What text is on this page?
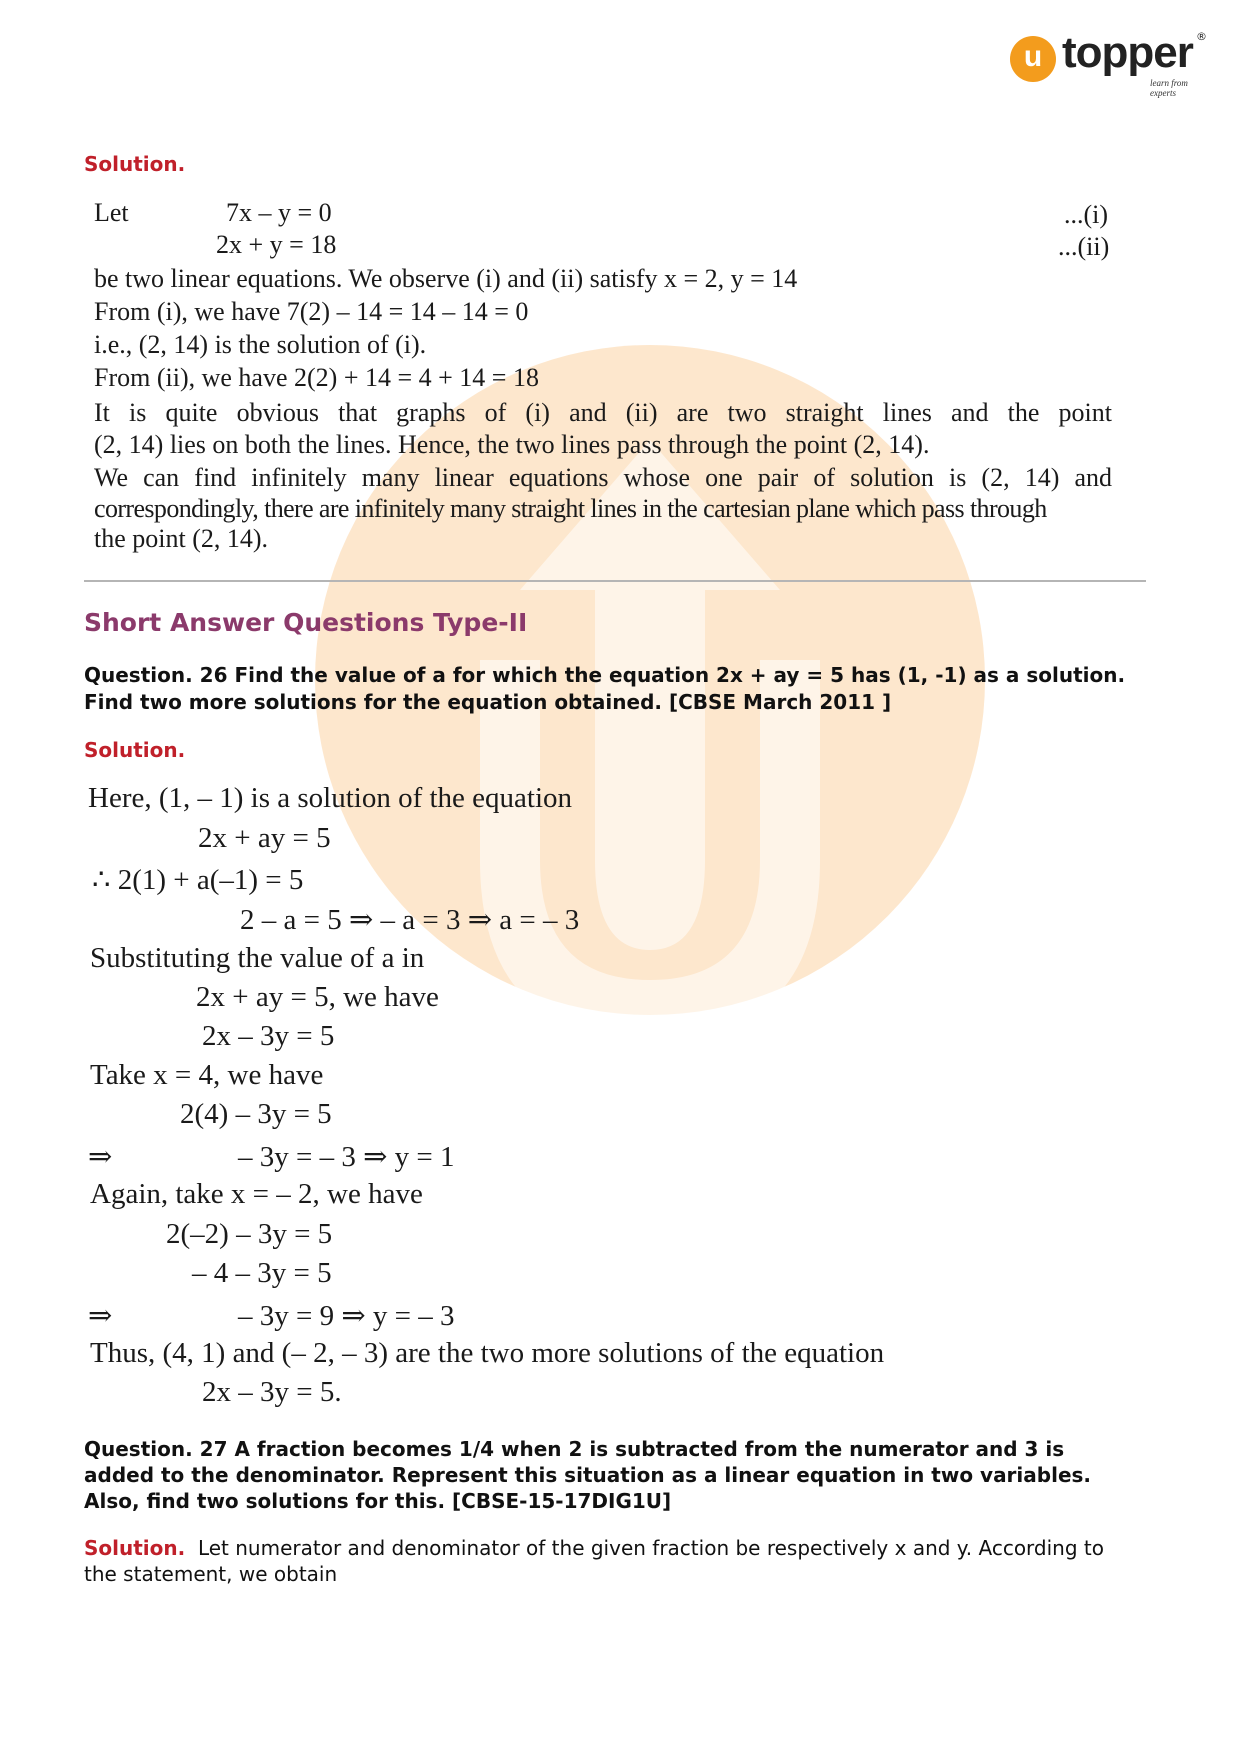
u topper ®
learn from experts
Solution.
Let	7x – y = 0
2x + y = 18
...(i)
...(ii)
be two linear equations. We observe (i) and (ii) satisfy x = 2, y = 14
From (i), we have 7(2) – 14 = 14 – 14 = 0
i.e., (2, 14) is the solution of (i).
From (ii), we have 2(2) + 14 = 4 + 14 = 18
It is quite obvious that graphs of (i) and (ii) are two straight lines and the point
(2, 14) lies on both the lines. Hence, the two lines pass through the point (2, 14).
We can find infinitely many linear equations whose one pair of solution is (2, 14) and
correspondingly, there are infinitely many straight lines in the cartesian plane which pass through
the point (2, 14).
Short Answer Questions Type-II
Question. 26 Find the value of a for which the equation 2x + ay = 5 has (1, -1) as a solution.
Find two more solutions for the equation obtained. [CBSE March 2011 ]
Solution.
Here, (1, – 1) is a solution of the equation
2x + ay = 5
∴ 2(1) + a(–1) = 5
2 – a = 5 ⇒ – a = 3 ⇒ a = – 3
Substituting the value of a in
2x + ay = 5, we have
2x – 3y = 5
Take x = 4, we have
2(4) – 3y = 5
⇒	– 3y = – 3 ⇒ y = 1
Again, take x = – 2, we have
2(–2) – 3y = 5
– 4 – 3y = 5
⇒	– 3y = 9 ⇒ y = – 3
Thus, (4, 1) and (– 2, – 3) are the two more solutions of the equation
2x – 3y = 5.
Question. 27 A fraction becomes 1/4 when 2 is subtracted from the numerator and 3 is
added to the denominator. Represent this situation as a linear equation in two variables.
Also, find two solutions for this. [CBSE-15-17DIG1U]
Solution. Let numerator and denominator of the given fraction be respectively x and y. According to
the statement, we obtain
